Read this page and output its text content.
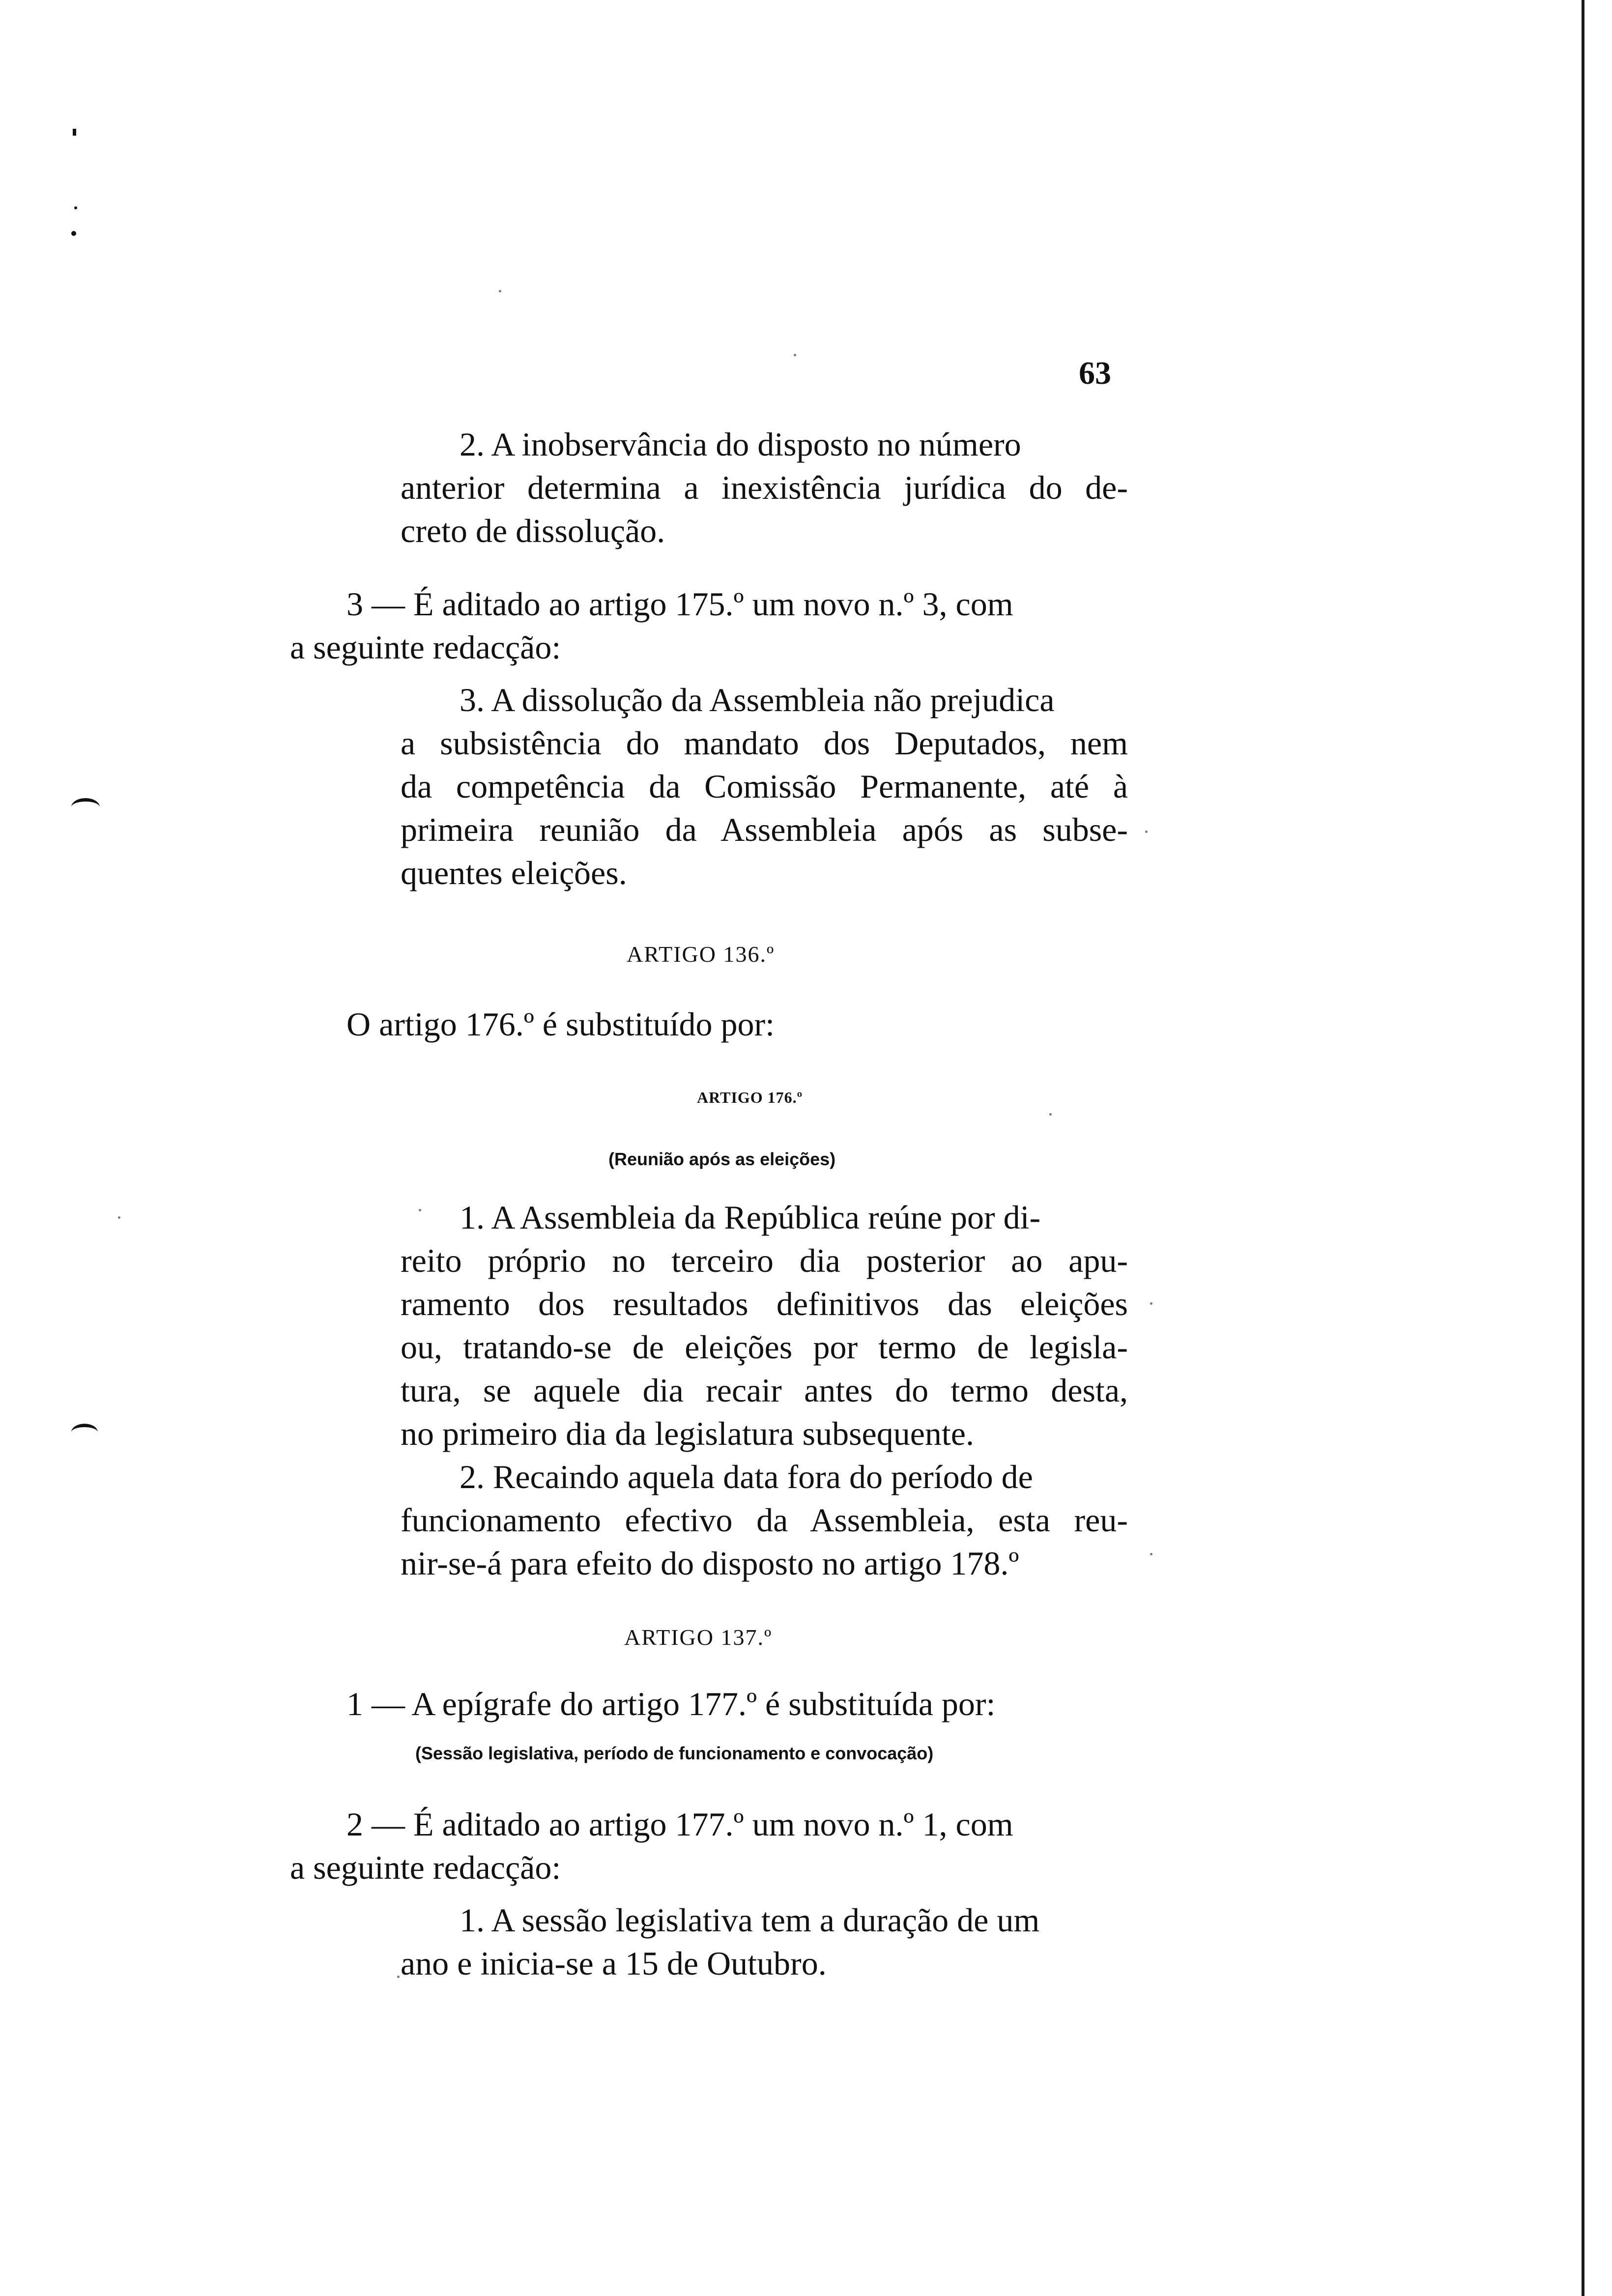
63
2. A inobservância do disposto no número
anterior determina a inexistência jurídica do de-
creto de dissolução.
3 — É aditado ao artigo 175.º um novo n.º 3, com
a seguinte redacção:
3. A dissolução da Assembleia não prejudica
a subsistência do mandato dos Deputados, nem
da competência da Comissão Permanente, até à
primeira reunião da Assembleia após as subse-
quentes eleições.
ARTIGO 136.º
O artigo 176.º é substituído por:
ARTIGO 176.º
(Reunião após as eleições)
1. A Assembleia da República reúne por di-
reito próprio no terceiro dia posterior ao apu-
ramento dos resultados definitivos das eleições
ou, tratando-se de eleições por termo de legisla-
tura, se aquele dia recair antes do termo desta,
no primeiro dia da legislatura subsequente.
2. Recaindo aquela data fora do período de
funcionamento efectivo da Assembleia, esta reu-
nir-se-á para efeito do disposto no artigo 178.º
ARTIGO 137.º
1 — A epígrafe do artigo 177.º é substituída por:
(Sessão legislativa, período de funcionamento e convocação)
2 — É aditado ao artigo 177.º um novo n.º 1, com
a seguinte redacção:
1. A sessão legislativa tem a duração de um
ano e inicia-se a 15 de Outubro.
